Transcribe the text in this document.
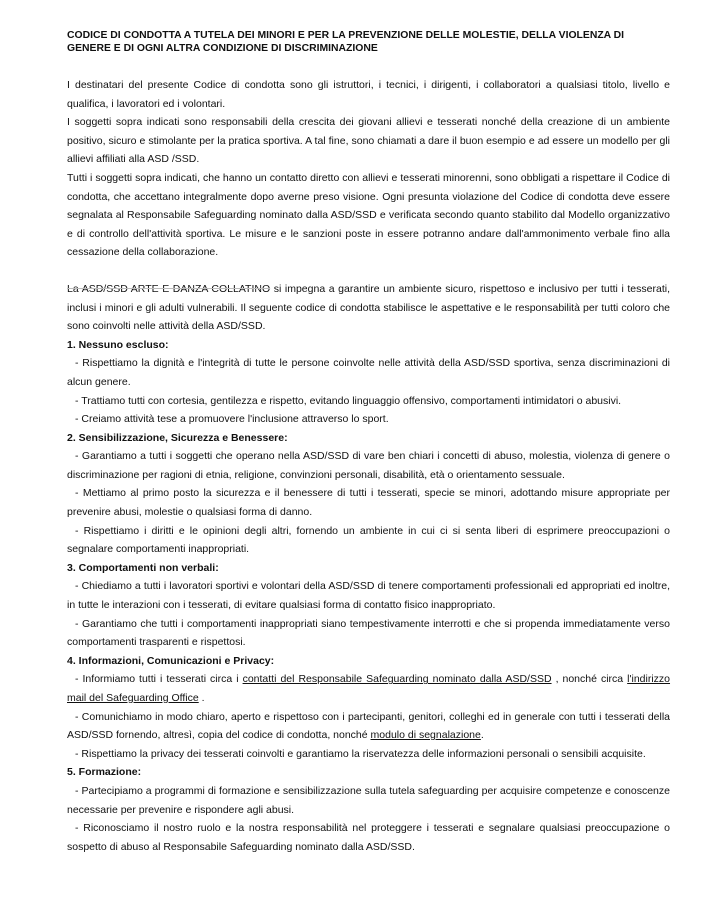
CODICE DI CONDOTTA A TUTELA DEI MINORI E PER LA PREVENZIONE DELLE MOLESTIE, DELLA VIOLENZA DI GENERE E DI OGNI ALTRA CONDIZIONE DI DISCRIMINAZIONE

I destinatari del presente Codice di condotta sono gli istruttori, i tecnici, i dirigenti, i collaboratori a qualsiasi titolo, livello e qualifica, i lavoratori ed i volontari.

I soggetti sopra indicati sono responsabili della crescita dei giovani allievi e tesserati nonché della creazione di un ambiente positivo, sicuro e stimolante per la pratica sportiva. A tal fine, sono chiamati a dare il buon esempio e ad essere un modello per gli allievi affiliati alla ASD /SSD.

Tutti i soggetti sopra indicati, che hanno un contatto diretto con allievi e tesserati minorenni, sono obbligati a rispettare il Codice di condotta, che accettano integralmente dopo averne preso visione. Ogni presunta violazione del Codice di condotta deve essere segnalata al Responsabile Safeguarding nominato dalla ASD/SSD e verificata secondo quanto stabilito dal Modello organizzativo e di controllo dell'attività sportiva. Le misure e le sanzioni poste in essere potranno andare dall'ammonimento verbale fino alla cessazione della collaborazione.

La ASD/SSD ARTE E DANZA COLLATINO si impegna a garantire un ambiente sicuro, rispettoso e inclusivo per tutti i tesserati, inclusi i minori e gli adulti vulnerabili. Il seguente codice di condotta stabilisce le aspettative e le responsabilità per tutti coloro che sono coinvolti nelle attività della ASD/SSD.

1. Nessuno escluso:

- Rispettiamo la dignità e l'integrità di tutte le persone coinvolte nelle attività della ASD/SSD sportiva, senza discriminazioni di alcun genere.

- Trattiamo tutti con cortesia, gentilezza e rispetto, evitando linguaggio offensivo, comportamenti intimidatori o abusivi.

- Creiamo attività tese a promuovere l'inclusione attraverso lo sport.

2. Sensibilizzazione, Sicurezza e Benessere:

- Garantiamo a tutti i soggetti che operano nella ASD/SSD di vare ben chiari i concetti di abuso, molestia, violenza di genere o discriminazione per ragioni di etnia, religione, convinzioni personali, disabilità, età o orientamento sessuale.

- Mettiamo al primo posto la sicurezza e il benessere di tutti i tesserati, specie se minori, adottando misure appropriate per prevenire abusi, molestie o qualsiasi forma di danno.

- Rispettiamo i diritti e le opinioni degli altri, fornendo un ambiente in cui ci si senta liberi di esprimere preoccupazioni o segnalare comportamenti inappropriati.

3. Comportamenti non verbali:

- Chiediamo a tutti i lavoratori sportivi e volontari della ASD/SSD di tenere comportamenti professionali ed appropriati ed inoltre, in tutte le interazioni con i tesserati, di evitare qualsiasi forma di contatto fisico inappropriato.

- Garantiamo che tutti i comportamenti inappropriati siano tempestivamente interrotti e che si propenda immediatamente verso comportamenti trasparenti e rispettosi.

4. Informazioni, Comunicazioni e Privacy:

- Informiamo tutti i tesserati circa i contatti del Responsabile Safeguarding nominato dalla ASD/SSD , nonché circa l'indirizzo mail del Safeguarding Office .

- Comunichiamo in modo chiaro, aperto e rispettoso con i partecipanti, genitori, colleghi ed in generale con tutti i tesserati della ASD/SSD fornendo, altresì, copia del codice di condotta, nonché modulo di segnalazione.

- Rispettiamo la privacy dei tesserati coinvolti e garantiamo la riservatezza delle informazioni personali o sensibili acquisite.

5. Formazione:

- Partecipiamo a programmi di formazione e sensibilizzazione sulla tutela safeguarding per acquisire competenze e conoscenze necessarie per prevenire e rispondere agli abusi.

- Riconosciamo il nostro ruolo e la nostra responsabilità nel proteggere i tesserati e segnalare qualsiasi preoccupazione o sospetto di abuso al Responsabile Safeguarding nominato dalla ASD/SSD.
